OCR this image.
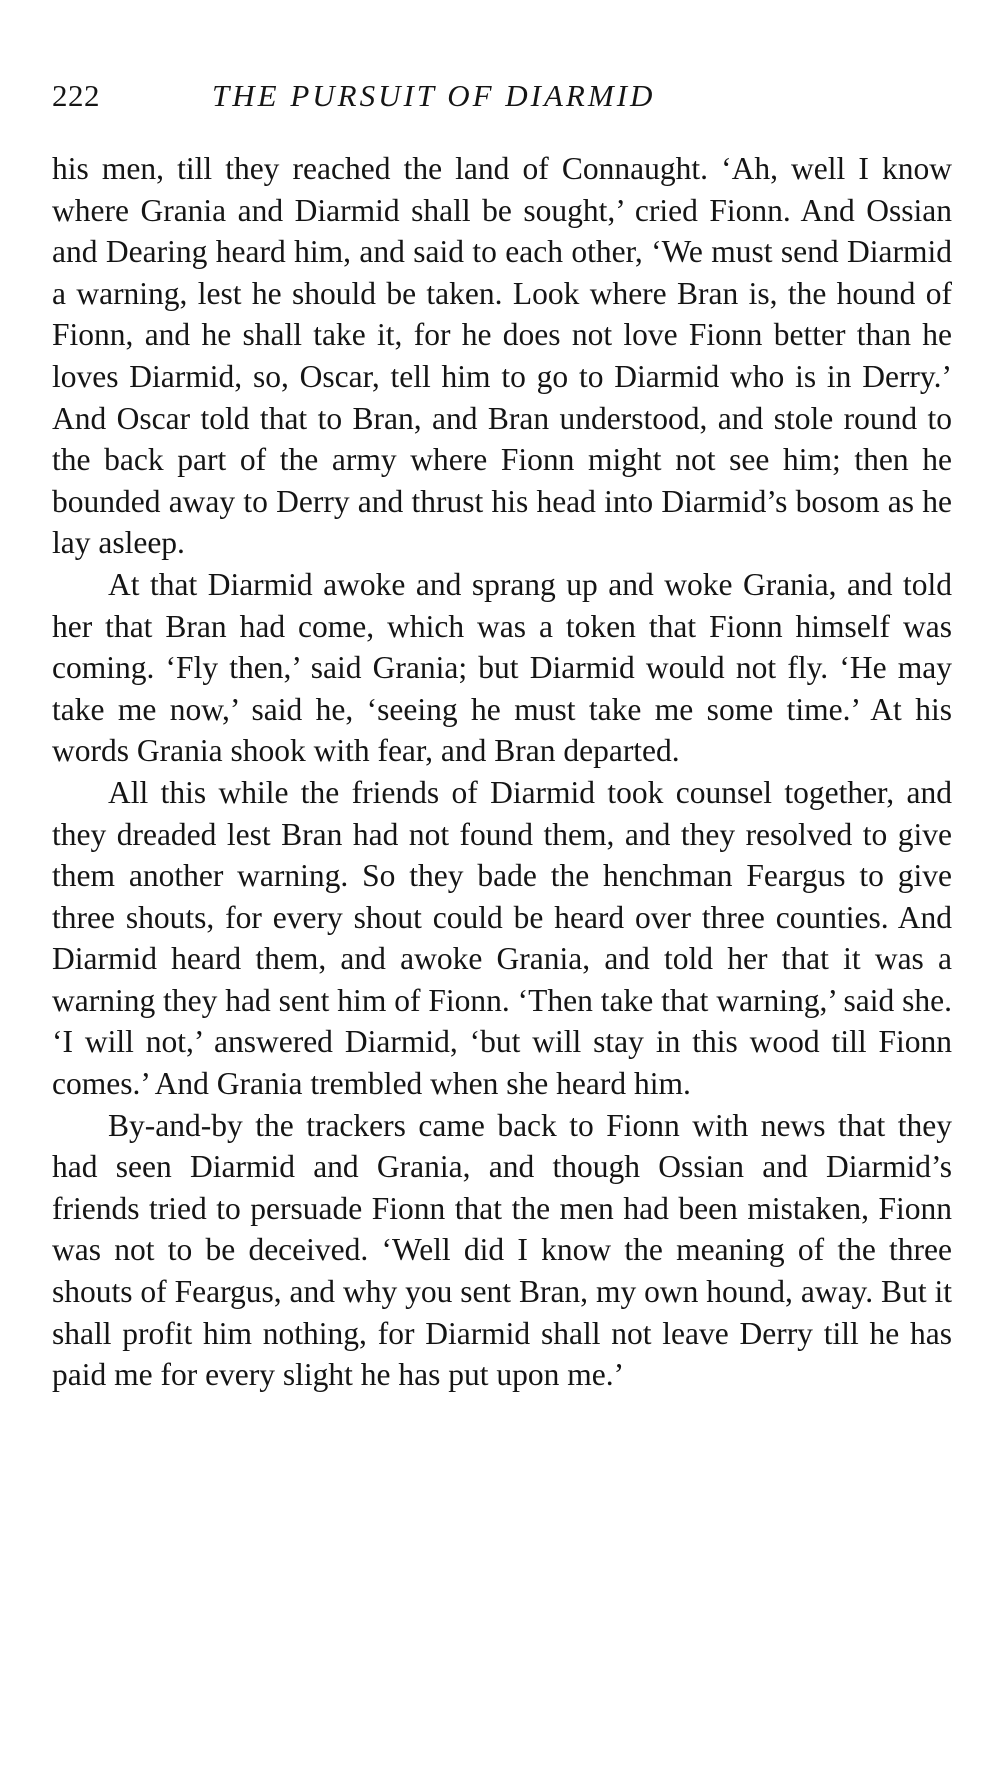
222	THE PURSUIT OF DIARMID

his men, till they reached the land of Connaught. ‘Ah, well I know where Grania and Diarmid shall be sought,’ cried Fionn. And Ossian and Dearing heard him, and said to each other, ‘We must send Diarmid a warning, lest he should be taken. Look where Bran is, the hound of Fionn, and he shall take it, for he does not love Fionn better than he loves Diarmid, so, Oscar, tell him to go to Diarmid who is in Derry.’ And Oscar told that to Bran, and Bran understood, and stole round to the back part of the army where Fionn might not see him; then he bounded away to Derry and thrust his head into Diarmid’s bosom as he lay asleep.

At that Diarmid awoke and sprang up and woke Grania, and told her that Bran had come, which was a token that Fionn himself was coming. ‘Fly then,’ said Grania; but Diarmid would not fly. ‘He may take me now,’ said he, ‘seeing he must take me some time.’ At his words Grania shook with fear, and Bran departed.

All this while the friends of Diarmid took counsel together, and they dreaded lest Bran had not found them, and they resolved to give them another warning. So they bade the henchman Feargus to give three shouts, for every shout could be heard over three counties. And Diarmid heard them, and awoke Grania, and told her that it was a warning they had sent him of Fionn. ‘Then take that warning,’ said she. ‘I will not,’ answered Diarmid, ‘but will stay in this wood till Fionn comes.’ And Grania trembled when she heard him.

By-and-by the trackers came back to Fionn with news that they had seen Diarmid and Grania, and though Ossian and Diarmid’s friends tried to persuade Fionn that the men had been mistaken, Fionn was not to be deceived. ‘Well did I know the meaning of the three shouts of Feargus, and why you sent Bran, my own hound, away. But it shall profit him nothing, for Diarmid shall not leave Derry till he has paid me for every slight he has put upon me.’
